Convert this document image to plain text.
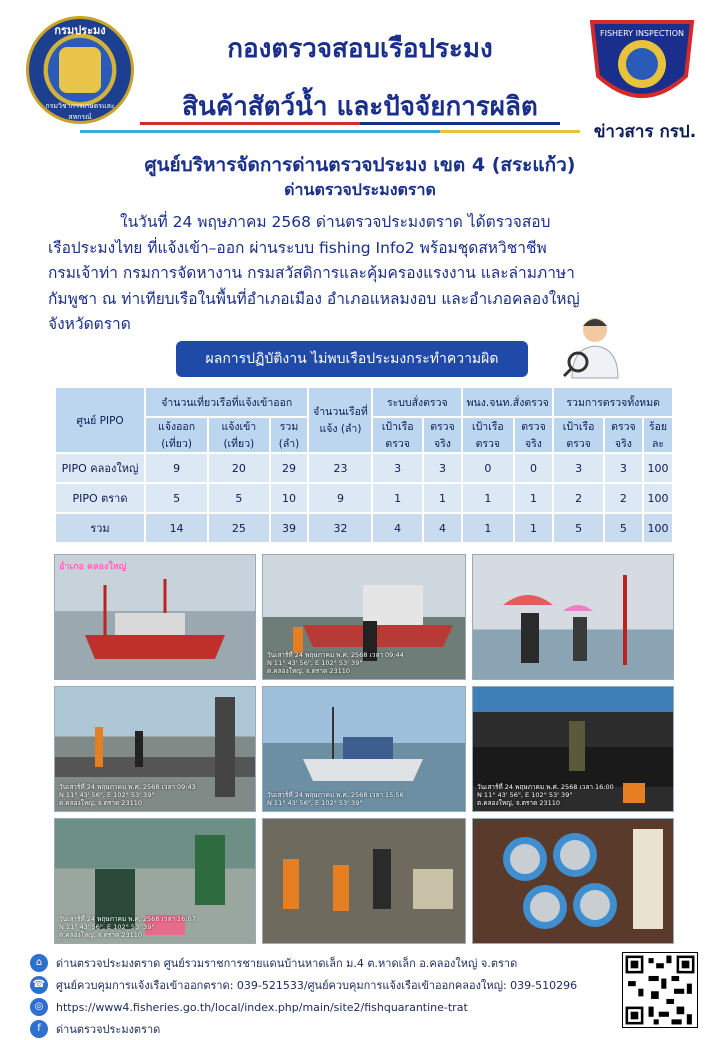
กรมประมง
กรมวิชาการเกษตรและสหกรณ์
กองตรวจสอบเรือประมง
สินค้าสัตว์น้ำ และปัจจัยการผลิต
FISHERY INSPECTION
DEPARTMENT OF FISHERIES
ข่าวสาร กรป.
ศูนย์บริหารจัดการด่านตรวจประมง เขต 4 (สระแก้ว)
ด่านตรวจประมงตราด
ในวันที่ 24 พฤษภาคม 2568 ด่านตรวจประมงตราด ได้ตรวจสอบ
เรือประมงไทย ที่แจ้งเข้า–ออก ผ่านระบบ fishing Info2 พร้อมชุดสหวิชาชีพ
กรมเจ้าท่า กรมการจัดหางาน กรมสวัสดิการและคุ้มครองแรงงาน และล่ามภาษา
กัมพูชา ณ ท่าเทียบเรือในพื้นที่อำเภอเมือง อำเภอแหลมงอบ และอำเภอคลองใหญ่
จังหวัดตราด
ผลการปฏิบัติงาน ไม่พบเรือประมงกระทำความผิด
ศูนย์ PIPO	จำนวนเที่ยวเรือที่แจ้งเข้าออก			จำนวนเรือที่แจ้ง (ลำ)	ระบบสั่งตรวจ		พนง.จนท.สั่งตรวจ		รวมการตรวจทั้งหมด		
	แจ้งออก (เที่ยว)	แจ้งเข้า (เที่ยว)	รวม (ลำ)		เป้าเรือตรวจ	ตรวจจริง	เป้าเรือตรวจ	ตรวจจริง	เป้าเรือตรวจ	ตรวจจริง	ร้อยละ
PIPO คลองใหญ่	9	20	29	23	3	3	0	0	3	3	100
PIPO ตราด	5	5	10	9	1	1	1	1	2	2	100
รวม	14	25	39	32	4	4	1	1	5	5	100
อำเภอ คลองใหญ่
วันเสาร์ที่ 24 พฤษภาคม พ.ศ. 2568 เวลา 09:44
N 11° 43' 56", E 102° 53' 39"
ต.คลองใหญ่, จ.ตราด 23110
วันเสาร์ที่ 24 พฤษภาคม พ.ศ. 2568 เวลา 09:43
N 11° 43' 56", E 102° 53' 39"
ต.คลองใหญ่, จ.ตราด 23110
วันเสาร์ที่ 24 พฤษภาคม พ.ศ. 2568 เวลา 15:56
N 11° 43' 56", E 102° 53' 39"
วันเสาร์ที่ 24 พฤษภาคม พ.ศ. 2568 เวลา 16:00
N 11° 43' 56", E 102° 53' 39"
ต.คลองใหญ่, จ.ตราด 23110
วันเสาร์ที่ 24 พฤษภาคม พ.ศ. 2568 เวลา 16:07
N 11° 43' 56", E 102° 53' 39"
ต.คลองใหญ่, จ.ตราด 23110
⌂	ด่านตรวจประมงตราด ศูนย์รวมราชการชายแดนบ้านหาดเล็ก ม.4 ต.หาดเล็ก อ.คลองใหญ่ จ.ตราด
☎ ศูนย์ควบคุมการแจ้งเรือเข้าออกตราด: 039-521533/ศูนย์ควบคุมการแจ้งเรือเข้าออกคลองใหญ่: 039-510296
◎	https://www4.fisheries.go.th/local/index.php/main/site2/fishquarantine-trat
f	ด่านตรวจประมงตราด
